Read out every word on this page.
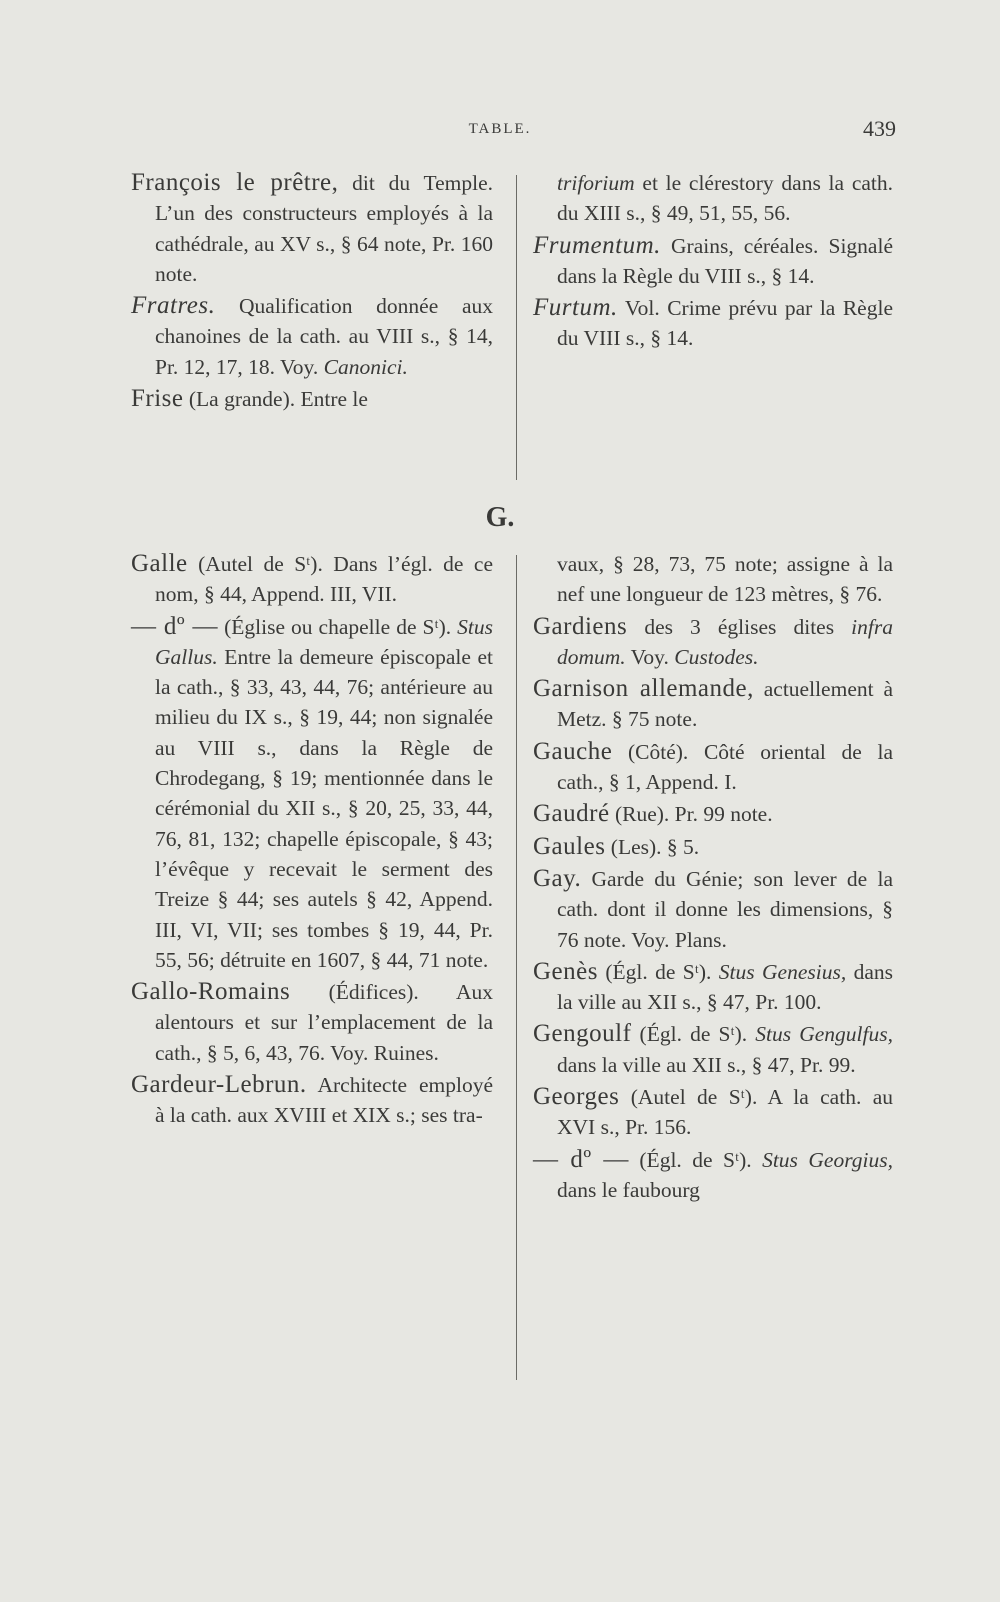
TABLE.	439

François le prêtre, dit du Temple. L’un des constructeurs employés à la cathédrale, au XV s., § 64 note, Pr. 160 note.

Fratres. Qualification donnée aux chanoines de la cath. au VIII s., § 14, Pr. 12, 17, 18. Voy. Canonici.

Frise (La grande). Entre le

triforium et le clérestory dans la cath. du XIII s., § 49, 51, 55, 56.

Frumentum. Grains, céréales. Signalé dans la Règle du VIII s., § 14.

Furtum. Vol. Crime prévu par la Règle du VIII s., § 14.

G.

Galle (Autel de Sᵗ). Dans l’égl. de ce nom, § 44, Append. III, VII.

— dº — (Église ou chapelle de Sᵗ). Stus Gallus. Entre la demeure épiscopale et la cath., § 33, 43, 44, 76; antérieure au milieu du IX s., § 19, 44; non signalée au VIII s., dans la Règle de Chrodegang, § 19; mentionnée dans le cérémonial du XII s., § 20, 25, 33, 44, 76, 81, 132; chapelle épiscopale, § 43; l’évêque y recevait le serment des Treize § 44; ses autels § 42, Append. III, VI, VII; ses tombes § 19, 44, Pr. 55, 56; détruite en 1607, § 44, 71 note.

Gallo-Romains (Édifices). Aux alentours et sur l’emplacement de la cath., § 5, 6, 43, 76. Voy. Ruines.

Gardeur-Lebrun. Architecte employé à la cath. aux XVIII et XIX s.; ses tra-

vaux, § 28, 73, 75 note; assigne à la nef une longueur de 123 mètres, § 76.

Gardiens des 3 églises dites infra domum. Voy. Custodes.

Garnison allemande, actuellement à Metz. § 75 note.

Gauche (Côté). Côté oriental de la cath., § 1, Append. I.

Gaudré (Rue). Pr. 99 note.

Gaules (Les). § 5.

Gay. Garde du Génie; son lever de la cath. dont il donne les dimensions, § 76 note. Voy. Plans.

Genès (Égl. de Sᵗ). Stus Genesius, dans la ville au XII s., § 47, Pr. 100.

Gengoulf (Égl. de Sᵗ). Stus Gengulfus, dans la ville au XII s., § 47, Pr. 99.

Georges (Autel de Sᵗ). A la cath. au XVI s., Pr. 156.

— dº — (Égl. de Sᵗ). Stus Georgius, dans le faubourg
